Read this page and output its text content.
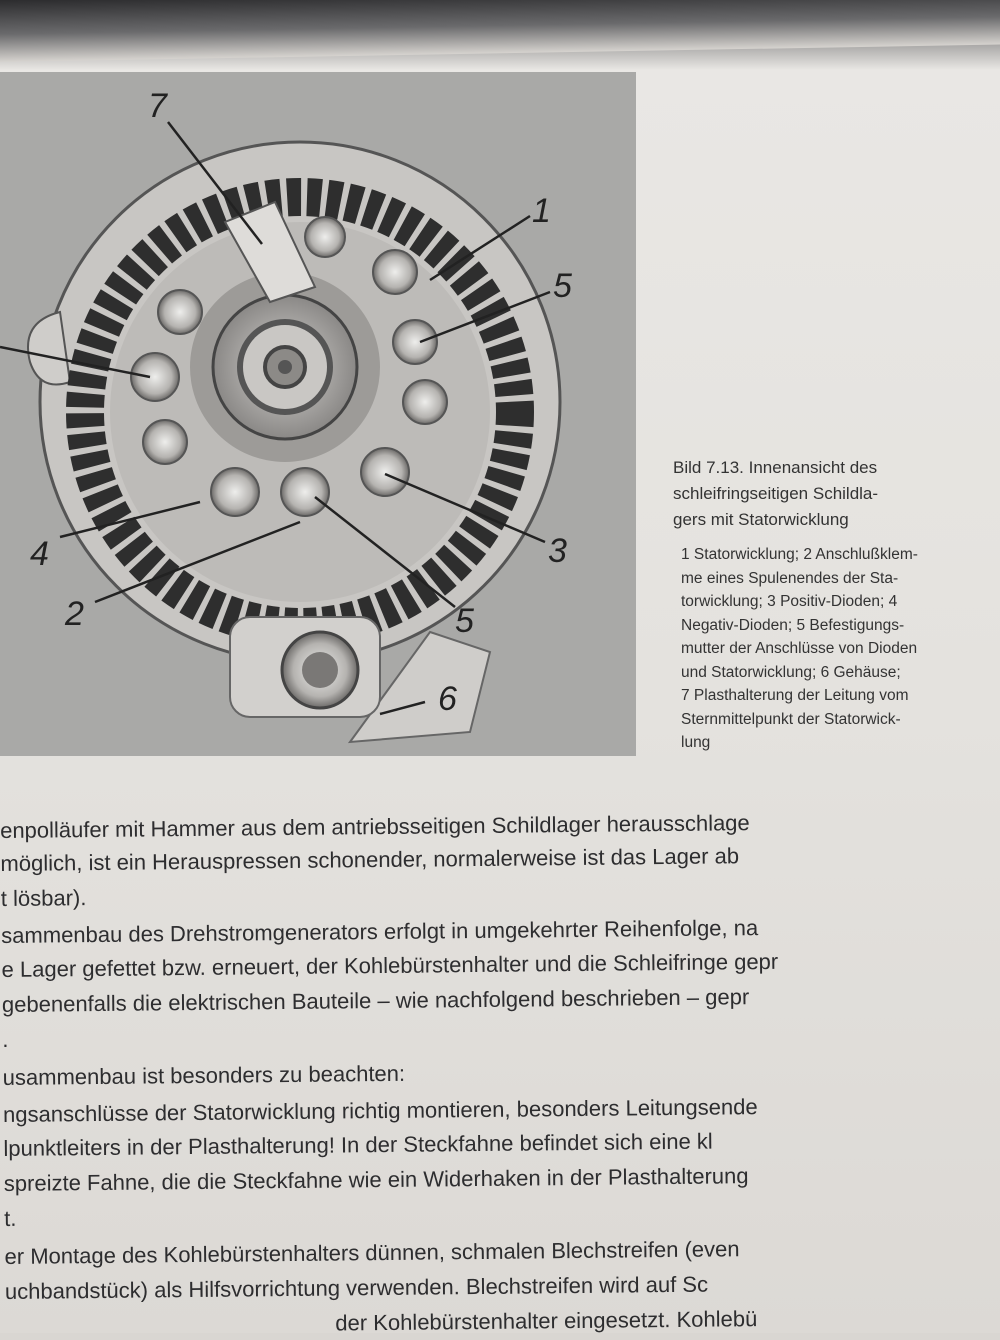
7
1
5
3
5
6
2
4
Bild 7.13. Innenansicht des
schleifringseitigen Schildla-
gers mit Statorwicklung
1 Statorwicklung; 2 Anschlußklem-
me eines Spulenendes der Sta-
torwicklung; 3 Positiv-Dioden; 4
Negativ-Dioden; 5 Befestigungs-
mutter der Anschlüsse von Dioden
und Statorwicklung; 6 Gehäuse;
7 Plasthalterung der Leitung vom
Sternmittelpunkt der Statorwick-
lung
enpolläufer mit Hammer aus dem antriebsseitigen Schildlager herausschlage
möglich, ist ein Herauspressen schonender, normalerweise ist das Lager ab
t lösbar).
sammenbau des Drehstromgenerators erfolgt in umgekehrter Reihenfolge, na
e Lager gefettet bzw. erneuert, der Kohlebürstenhalter und die Schleifringe gepr
gebenenfalls die elektrischen Bauteile – wie nachfolgend beschrieben – gepr
.
usammenbau ist besonders zu beachten:
ngsanschlüsse der Statorwicklung richtig montieren, besonders Leitungsende
lpunktleiters in der Plasthalterung! In der Steckfahne befindet sich eine kl
spreizte Fahne, die die Steckfahne wie ein Widerhaken in der Plasthalterung
t.
er Montage des Kohlebürstenhalters dünnen, schmalen Blechstreifen (even
uchbandstück) als Hilfsvorrichtung verwenden. Blechstreifen wird auf Sc
der Kohlebürstenhalter eingesetzt. Kohlebü
